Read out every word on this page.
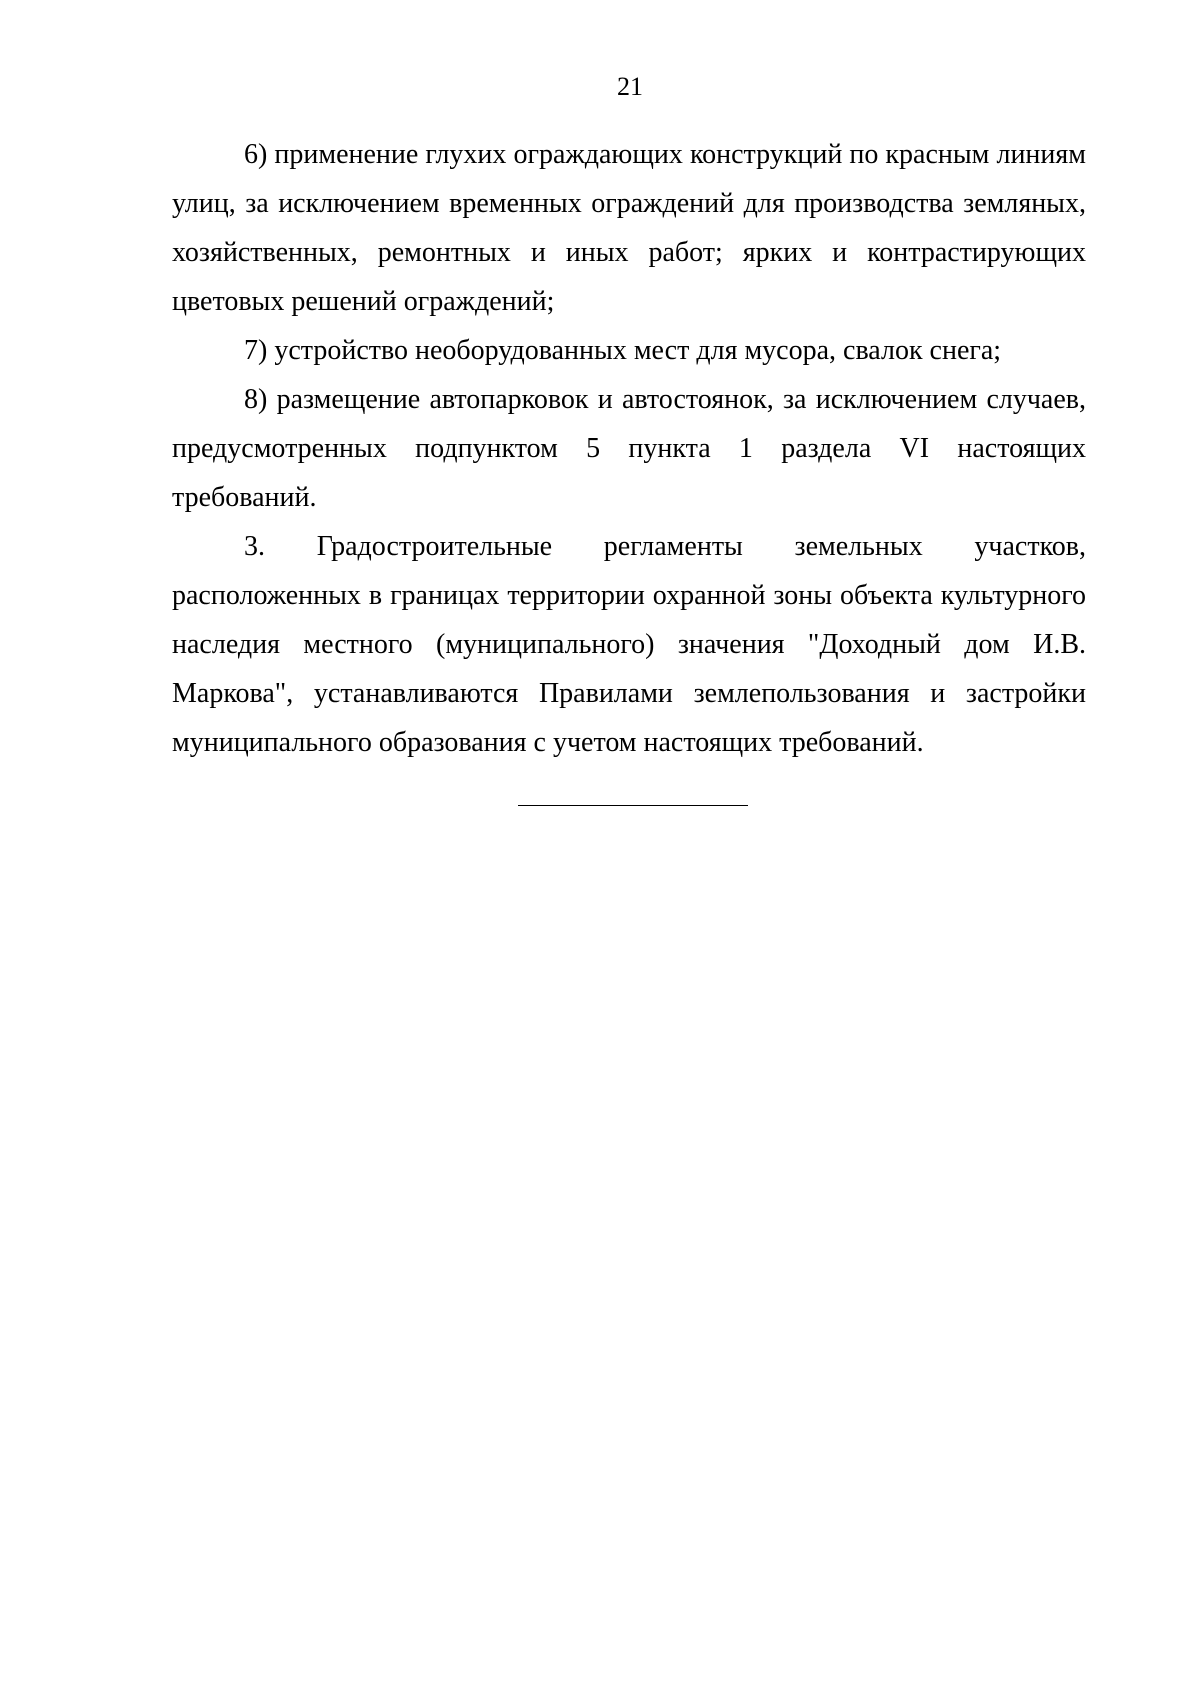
21

6) применение глухих ограждающих конструкций по красным линиям улиц, за исключением временных ограждений для производства земляных, хозяйственных, ремонтных и иных работ; ярких и контрастирующих цветовых решений ограждений;

7) устройство необорудованных мест для мусора, свалок снега;

8) размещение автопарковок и автостоянок, за исключением случаев, предусмотренных подпунктом 5 пункта 1 раздела VI настоящих требований.

3. Градостроительные регламенты земельных участков, расположенных в границах территории охранной зоны объекта культурного наследия местного (муниципального) значения "Доходный дом И.В. Маркова", устанавливаются Правилами землепользования и застройки муниципального образования с учетом настоящих требований.
